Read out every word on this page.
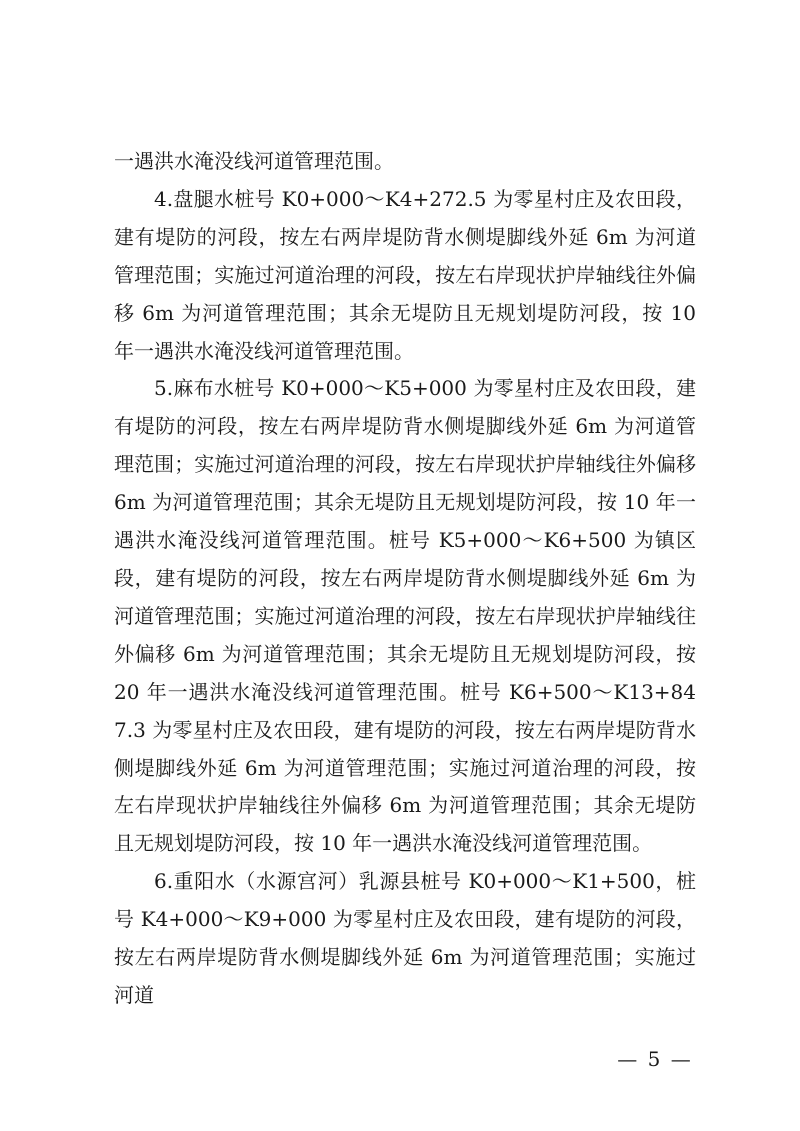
一遇洪水淹没线河道管理范围。

4.盘腿水桩号 K0+000～K4+272.5 为零星村庄及农田段，建有堤防的河段，按左右两岸堤防背水侧堤脚线外延 6m 为河道管理范围；实施过河道治理的河段，按左右岸现状护岸轴线往外偏移 6m 为河道管理范围；其余无堤防且无规划堤防河段，按 10 年一遇洪水淹没线河道管理范围。

5.麻布水桩号 K0+000～K5+000 为零星村庄及农田段，建有堤防的河段，按左右两岸堤防背水侧堤脚线外延 6m 为河道管理范围；实施过河道治理的河段，按左右岸现状护岸轴线往外偏移 6m 为河道管理范围；其余无堤防且无规划堤防河段，按 10 年一遇洪水淹没线河道管理范围。桩号 K5+000～K6+500 为镇区段，建有堤防的河段，按左右两岸堤防背水侧堤脚线外延 6m 为河道管理范围；实施过河道治理的河段，按左右岸现状护岸轴线往外偏移 6m 为河道管理范围；其余无堤防且无规划堤防河段，按 20 年一遇洪水淹没线河道管理范围。桩号 K6+500～K13+847.3 为零星村庄及农田段，建有堤防的河段，按左右两岸堤防背水侧堤脚线外延 6m 为河道管理范围；实施过河道治理的河段，按左右岸现状护岸轴线往外偏移 6m 为河道管理范围；其余无堤防且无规划堤防河段，按 10 年一遇洪水淹没线河道管理范围。

6.重阳水（水源宫河）乳源县桩号 K0+000～K1+500，桩号 K4+000～K9+000 为零星村庄及农田段，建有堤防的河段，按左右两岸堤防背水侧堤脚线外延 6m 为河道管理范围；实施过河道

— 5 —
